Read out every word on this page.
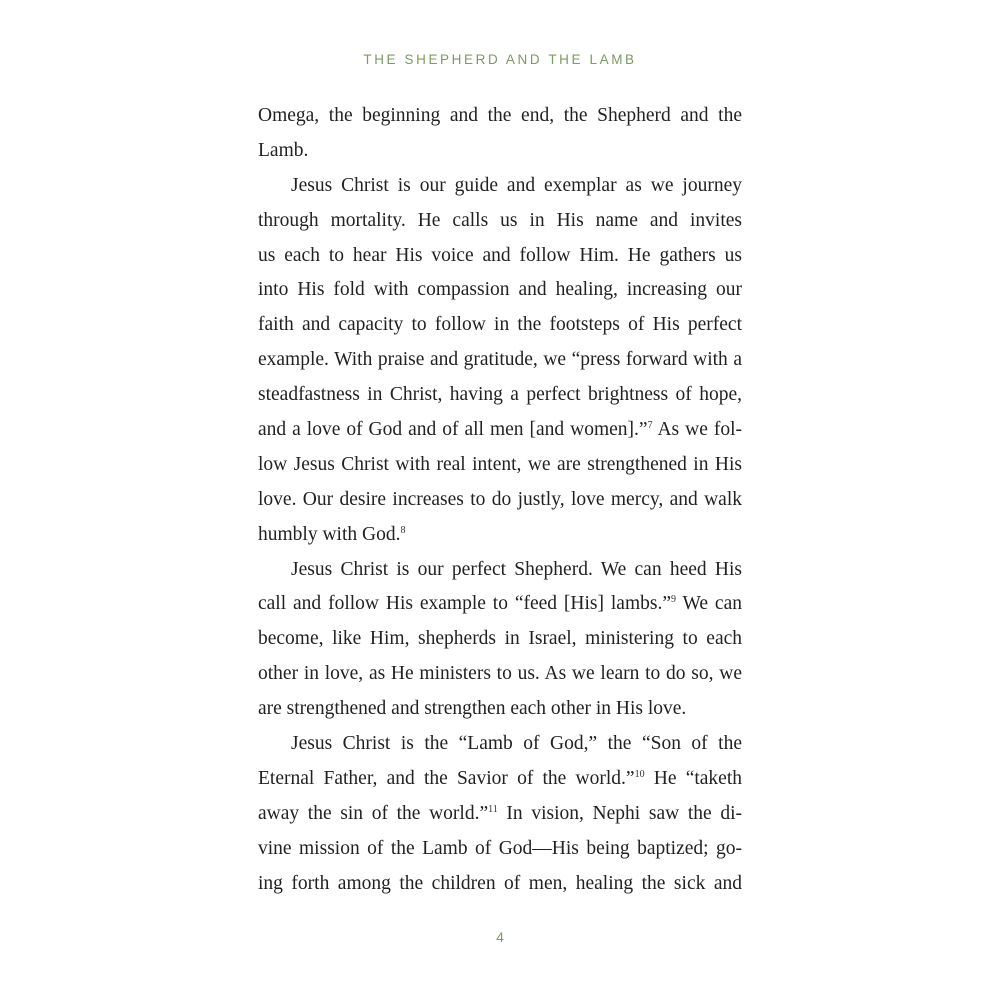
THE SHEPHERD AND THE LAMB

Omega, the beginning and the end, the Shepherd and the
Lamb.
Jesus Christ is our guide and exemplar as we journey
through mortality. He calls us in His name and invites
us each to hear His voice and follow Him. He gathers us
into His fold with compassion and healing, increasing our
faith and capacity to follow in the footsteps of His perfect
example. With praise and gratitude, we “press forward with a
steadfastness in Christ, having a perfect brightness of hope,
and a love of God and of all men [and women].”$^7$ As we fol-
low Jesus Christ with real intent, we are strengthened in His
love. Our desire increases to do justly, love mercy, and walk
humbly with God.$^8$
Jesus Christ is our perfect Shepherd. We can heed His
call and follow His example to “feed [His] lambs.”$^9$ We can
become, like Him, shepherds in Israel, ministering to each
other in love, as He ministers to us. As we learn to do so, we
are strengthened and strengthen each other in His love.
Jesus Christ is the “Lamb of God,” the “Son of the
Eternal Father, and the Savior of the world.”$^{10}$ He “taketh
away the sin of the world.”$^{11}$ In vision, Nephi saw the di-
vine mission of the Lamb of God—His being baptized; go-
ing forth among the children of men, healing the sick and

4
